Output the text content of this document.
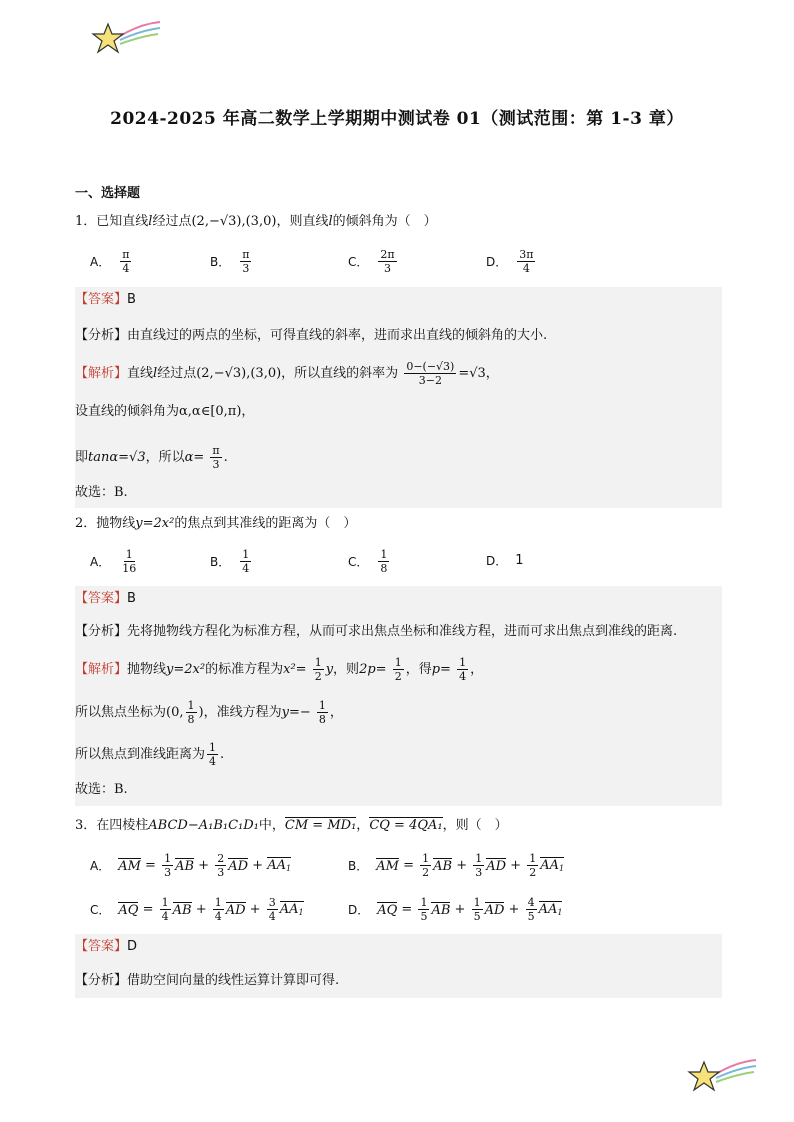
2024-2025 年高二数学上学期期中测试卷 01（测试范围：第 1-3 章）
一、选择题
1．已知直线l经过点(2,−√3),(3,0)，则直线l的倾斜角为（　）
A． $\frac{\pi}{4}$	B． $\frac{\pi}{3}$	C． $\frac{2\pi}{3}$	D． $\frac{3\pi}{4}$
【答案】B
【分析】由直线过的两点的坐标，可得直线的斜率，进而求出直线的倾斜角的大小.
【解析】直线l经过点(2,−√3),(3,0)，所以直线的斜率为 $\frac{0-(-√3)}{3-2} =√3$，
设直线的倾斜角为α,α∈[0,π)，
即tanα=√3，所以$\alpha= \frac{\pi}{3}$ .
故选：B.
2．抛物线y=2x²的焦点到其准线的距离为（　）
A． $\frac{1}{16}$	B． $\frac{1}{4}$	C． $\frac{1}{8}$	D． 1
【答案】B
【分析】先将抛物线方程化为标准方程，从而可求出焦点坐标和准线方程，进而可求出焦点到准线的距离.
【解析】抛物线y=2x²的标准方程为$x^2= \frac{1}{2}$ y，则$2p= \frac{1}{2}$ ，得$p= \frac{1}{4}$ ，
所以焦点坐标为(0, $\frac{1}{8}$ )，准线方程为$y=- \frac{1}{8}$ ，
所以焦点到准线距离为 $\frac{1}{4}$ .
故选：B.
3．在四棱柱ABCD−A₁B₁C₁D₁中，CM = MD₁，CQ = 4QA₁，则（　）
A． AM = $\frac{1}{3}$ AB + $\frac{2}{3}$ AD + $AA_1$	B． AM = $\frac{1}{2}$ AB + $\frac{1}{3}$ AD + $\frac{1}{2} AA_1$
C． AQ = $\frac{1}{4}$ AB + $\frac{1}{4}$ AD + $\frac{3}{4} AA_1$	D． AQ = $\frac{1}{5}$ AB + $\frac{1}{5}$ AD + $\frac{4}{5} AA_1$
【答案】D
【分析】借助空间向量的线性运算计算即可得.
